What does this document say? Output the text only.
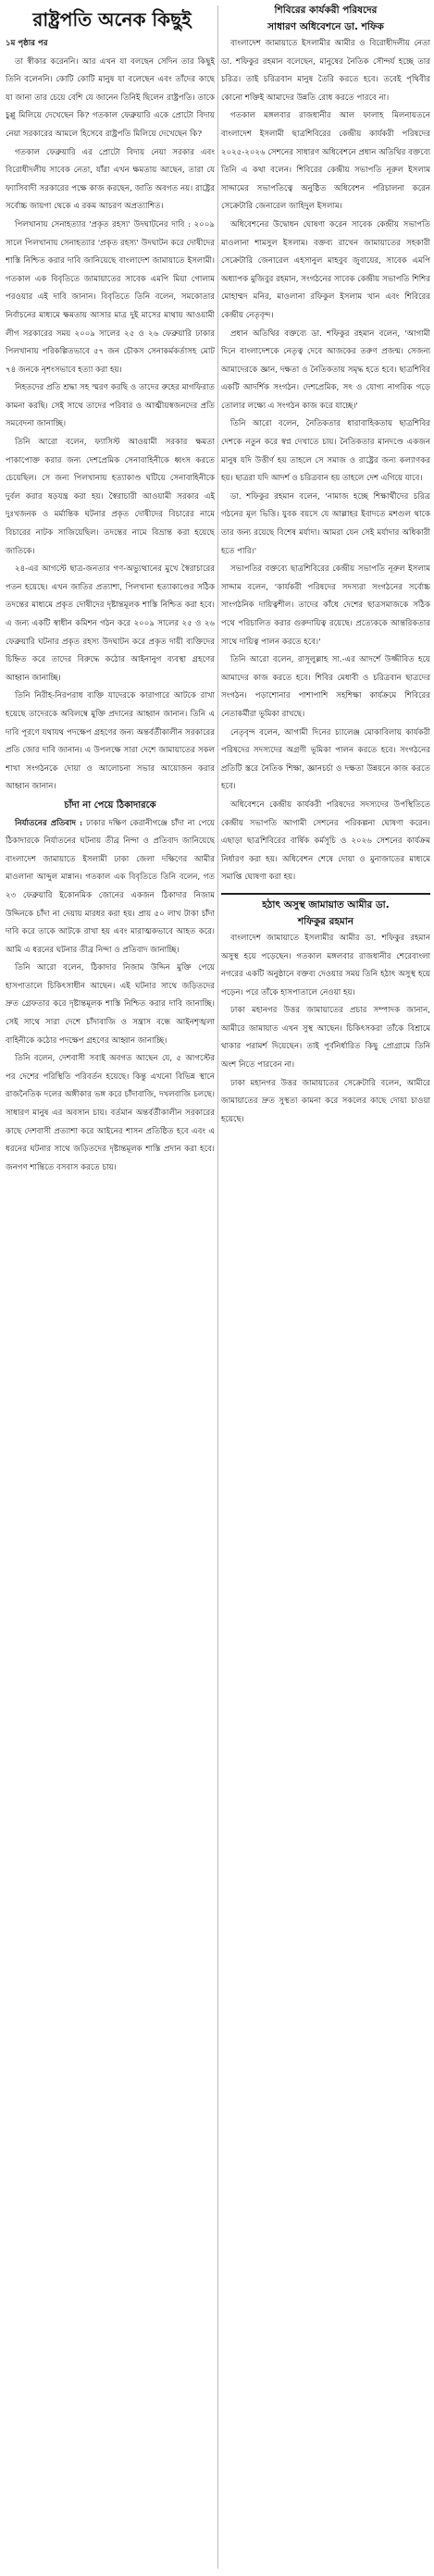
রাষ্ট্রপতি অনেক কিছুই

১ম পৃষ্ঠার পর

তা স্বীকার করেননি। আর এখন যা বলছেন সেদিন তার কিছুই তিনি বলেননি। কোটি কোটি মানুষ যা বলেছেন এবং তাঁদের কাছে যা জানা তার চেয়ে বেশি যে জানেন তিনিই ছিলেন রাষ্ট্রপতি। তাকে চুপ্পু মিলিয়ে দেখেছেন কি? গতকাল ফেব্রুয়ারি একে প্রোটো বিদায় নেয়া সরকারের আমলে হিসেবে রাষ্ট্রপতি মিলিয়ে দেখেছেন কি?

গতকাল ফেব্রুয়ারি এর প্রোটো বিদায় নেয়া সরকার এবং বিরোধীদলীয় সাবেক নেতা, যাঁরা এখন ক্ষমতায় আছেন, তারা যে ফ্যাসিবাদী সরকারের পক্ষে কাজ করছেন, জাতি অবগত নয়। রাষ্ট্রের সর্বোচ্চ জায়গা থেকে এ রকম আচরণ অপ্রত্যাশিত।

পিলখানায় সেনাহত্যার 'প্রকৃত রহস্য' উদঘাটনের দাবি : ২০০৯ সালে পিলখানায় সেনাহত্যার 'প্রকৃত রহস্য' উদঘাটন করে দোষীদের শাস্তি নিশ্চিত করার দাবি জানিয়েছে বাংলাদেশ জামায়াতে ইসলামী। গতকাল এক বিবৃতিতে জামায়াতের সাবেক এমপি মিয়া গোলাম পরওয়ার এই দাবি জানান। বিবৃতিতে তিনি বলেন, সমকোতার নির্বাচনের মাধ্যমে ক্ষমতায় আসার মাত্র দুই মাসের মাথায় আওয়ামী লীগ সরকারের সময় ২০০৯ সালের ২৫ ও ২৬ ফেব্রুয়ারি ঢাকার পিলখানায় পরিকল্পিতভাবে ৫৭ জন চৌকস সেনাকর্মকর্তাসহ মোট ৭৪ জনকে নৃশংসভাবে হত্যা করা হয়।

নিহতদের প্রতি শ্রদ্ধা সহ স্মরণ করছি ও তাদের রুহের মাগফিরাত কামনা করছি। সেই সাথে তাদের পরিবার ও আত্মীয়স্বজনদের প্রতি সমবেদনা জানাচ্ছি।

তিনি আরো বলেন, ফ্যাসিস্ট আওয়ামী সরকার ক্ষমতা পাকাপোক্ত করার জন্য দেশপ্রেমিক সেনাবাহিনীকে ধ্বংস করতে চেয়েছিল। সে জন্য পিলখানায় হত্যাকাণ্ড ঘটিয়ে সেনাবাহিনীকে দুর্বল করার ষড়যন্ত্র করা হয়। স্বৈরাচারী আওয়ামী সরকার এই দুঃখজনক ও মর্মান্তিক ঘটনার প্রকৃত দোষীদের বিচারের নামে বিচারের নাটক সাজিয়েছিল। তদন্তের নামে বিভ্রান্ত করা হয়েছে জাতিকে।

২৪-এর আগস্টে ছাত্র-জনতার গণ-অভ্যুত্থানের মুখে স্বৈরাচারের পতন হয়েছে। এখন জাতির প্রত্যাশা, পিলখানা হত্যাকাণ্ডের সঠিক তদন্তের মাধ্যমে প্রকৃত দোষীদের দৃষ্টান্তমূলক শাস্তি নিশ্চিত করা হবে। এ জন্য একটি স্বাধীন কমিশন গঠন করে ২০০৯ সালের ২৫ ও ২৬ ফেব্রুয়ারি ঘটনার প্রকৃত রহস্য উদঘাটন করে প্রকৃত দায়ী ব্যক্তিদের চিহ্নিত করে তাদের বিরুদ্ধে কঠোর আইনানুগ ব্যবস্থা গ্রহণের আহ্বান জানাচ্ছি।

তিনি নিরীহ-নিরপরাধ ব্যক্তি যাদেরকে কারাগারে আটকে রাখা হয়েছে তাদেরকে অবিলম্বে মুক্তি প্রদানের আহ্বান জানান। তিনি এ দাবি পূরণে যথাযথ পদক্ষেপ গ্রহণের জন্য অন্তর্বর্তীকালীন সরকারের প্রতি জোর দাবি জানান। এ উপলক্ষে সারা দেশে জামায়াতের সকল শাখা সংগঠনকে দোয়া ও আলোচনা সভার আয়োজন করার আহ্বান জানান।

চাঁদা না পেয়ে ঠিকাদারকে

নির্যাতনের প্রতিবাদ : ঢাকার দক্ষিণ কেরানীগঞ্জে চাঁদা না পেয়ে ঠিকাদারকে নির্যাতনের ঘটনায় তীব্র নিন্দা ও প্রতিবাদ জানিয়েছে বাংলাদেশ জামায়াতে ইসলামী ঢাকা জেলা দক্ষিণের আমীর মাওলানা আব্দুল মান্নান। গতকাল এক বিবৃতিতে তিনি বলেন, গত ২৩ ফেব্রুয়ারি ইকোনমিক জোনের একজন ঠিকাদার নিজাম উদ্দিনকে চাঁদা না দেয়ায় মারধর করা হয়। প্রায় ৫০ লাখ টাকা চাঁদা দাবি করে তাকে আটকে রাখা হয় এবং মারাত্মকভাবে আহত করে। আমি এ ধরনের ঘটনার তীব্র নিন্দা ও প্রতিবাদ জানাচ্ছি।

তিনি আরো বলেন, ঠিকাদার নিজাম উদ্দিন মুক্তি পেয়ে হাসপাতালে চিকিৎসাধীন আছেন। এই ঘটনার সাথে জড়িতদের দ্রুত গ্রেফতার করে দৃষ্টান্তমূলক শাস্তি নিশ্চিত করার দাবি জানাচ্ছি। সেই সাথে সারা দেশে চাঁদাবাজি ও সন্ত্রাস বন্ধে আইনশৃঙ্খলা বাহিনীকে কঠোর পদক্ষেপ গ্রহণের আহ্বান জানাচ্ছি।

তিনি বলেন, দেশবাসী সবাই অবগত আছেন যে, ৫ আগস্টের পর দেশের পরিস্থিতি পরিবর্তন হয়েছে। কিন্তু এখনো বিভিন্ন স্থানে রাজনৈতিক দলের অঙ্গীকার ভঙ্গ করে চাঁদাবাজি, দখলবাজি চলছে। সাধারণ মানুষ এর অবসান চায়। বর্তমান অন্তর্বর্তীকালীন সরকারের কাছে দেশবাসী প্রত্যাশা করে আইনের শাসন প্রতিষ্ঠিত হবে এবং এ ধরনের ঘটনার সাথে জড়িতদের দৃষ্টান্তমূলক শাস্তি প্রদান করা হবে। জনগণ শান্তিতে বসবাস করতে চায়।

শিবিরের কার্যকরী পরিষদের

সাধারণ অধিবেশনে ডা. শফিক

বাংলাদেশ জামায়াতে ইসলামীর আমীর ও বিরোধীদলীয় নেতা ডা. শফিকুর রহমান বলেছেন, মানুষের নৈতিক সৌন্দর্য হচ্ছে তার চরিত্র। তাই চরিত্রবান মানুষ তৈরি করতে হবে। তবেই পৃথিবীর কোনো শক্তিই আমাদের উন্নতি রোধ করতে পারবে না।

গতকাল মঙ্গলবার রাজধানীর আল ফালাহ মিলনায়তনে বাংলাদেশ ইসলামী ছাত্রশিবিরের কেন্দ্রীয় কার্যকরী পরিষদের ২০২৫-২০২৬ সেশনের সাধারণ অধিবেশনে প্রধান অতিথির বক্তব্যে তিনি এ কথা বলেন। শিবিরের কেন্দ্রীয় সভাপতি নূরুল ইসলাম সাদ্দামের সভাপতিত্বে অনুষ্ঠিত অধিবেশন পরিচালনা করেন সেক্রেটারি জেনারেল জাহিদুল ইসলাম।

অধিবেশনের উদ্বোধন ঘোষণা করেন সাবেক কেন্দ্রীয় সভাপতি মাওলানা শামসুল ইসলাম। বক্তব্য রাখেন জামায়াতের সহকারী সেক্রেটারি জেনারেল এহসানুল মাহবুব জুবায়ের, সাবেক এমপি অধ্যাপক মুজিবুর রহমান, সংগঠনের সাবেক কেন্দ্রীয় সভাপতি শিশির মোহাম্মদ মনির, মাওলানা রফিকুল ইসলাম খান এবং শিবিরের কেন্দ্রীয় নেতৃবৃন্দ।

প্রধান অতিথির বক্তব্যে ডা. শফিকুর রহমান বলেন, 'আগামী দিনে বাংলাদেশকে নেতৃত্ব দেবে আজকের তরুণ প্রজন্ম। সেজন্য আমাদেরকে জ্ঞান, দক্ষতা ও নৈতিকতায় সমৃদ্ধ হতে হবে। ছাত্রশিবির একটি আদর্শিক সংগঠন। দেশপ্রেমিক, সৎ ও যোগ্য নাগরিক গড়ে তোলার লক্ষ্যে এ সংগঠন কাজ করে যাচ্ছে।'

তিনি আরো বলেন, নৈতিকতার ধারাবাহিকতায় ছাত্রশিবির দেশকে নতুন করে স্বপ্ন দেখাতে চায়। নৈতিকতার মানদণ্ডে একজন মানুষ যদি উত্তীর্ণ হয় তাহলে সে সমাজ ও রাষ্ট্রের জন্য কল্যাণকর হয়। ছাত্ররা যদি আদর্শ ও চরিত্রবান হয় তাহলে দেশ এগিয়ে যাবে।

ডা. শফিকুর রহমান বলেন, 'নামাজ হচ্ছে শিক্ষার্থীদের চরিত্র গঠনের মূল ভিত্তি। যুবক বয়সে যে আল্লাহর ইবাদতে মশগুল থাকে তার জন্য রয়েছে বিশেষ মর্যাদা। আমরা যেন সেই মর্যাদার অধিকারী হতে পারি।'

সভাপতির বক্তব্যে ছাত্রশিবিরের কেন্দ্রীয় সভাপতি নূরুল ইসলাম সাদ্দাম বলেন, 'কার্যকরী পরিষদের সদস্যরা সংগঠনের সর্বোচ্চ সাংগঠনিক দায়িত্বশীল। তাদের কাঁধে দেশের ছাত্রসমাজকে সঠিক পথে পরিচালিত করার গুরুদায়িত্ব রয়েছে। প্রত্যেককে আন্তরিকতার সাথে দায়িত্ব পালন করতে হবে।'

তিনি আরো বলেন, রাসূলুল্লাহ সা.-এর আদর্শে উজ্জীবিত হয়ে আমাদের কাজ করতে হবে। শিবির মেধাবী ও চরিত্রবান ছাত্রদের সংগঠন। পড়াশোনার পাশাপাশি সহশিক্ষা কার্যক্রমে শিবিরের নেতাকর্মীরা ভূমিকা রাখছে।

নেতৃবৃন্দ বলেন, আগামী দিনের চ্যালেঞ্জ মোকাবিলায় কার্যকরী পরিষদের সদস্যদের অগ্রণী ভূমিকা পালন করতে হবে। সংগঠনের প্রতিটি স্তরে নৈতিক শিক্ষা, জ্ঞানচর্চা ও দক্ষতা উন্নয়নে কাজ করতে হবে।

অধিবেশনে কেন্দ্রীয় কার্যকরী পরিষদের সদস্যদের উপস্থিতিতে কেন্দ্রীয় সভাপতি আগামী সেশনের পরিকল্পনা ঘোষণা করেন। এছাড়া ছাত্রশিবিরের বার্ষিক কর্মসূচি ও ২০২৬ সেশনের কার্যক্রম নির্ধারণ করা হয়। অধিবেশন শেষে দোয়া ও মুনাজাতের মাধ্যমে সমাপ্তি ঘোষণা করা হয়।

হঠাৎ অসুস্থ জামায়াত আমীর ডা.

শফিকুর রহমান

বাংলাদেশ জামায়াতে ইসলামীর আমীর ডা. শফিকুর রহমান অসুস্থ হয়ে পড়েছেন। গতকাল মঙ্গলবার রাজধানীর শেরেবাংলা নগরের একটি অনুষ্ঠানে বক্তব্য দেওয়ার সময় তিনি হঠাৎ অসুস্থ হয়ে পড়েন। পরে তাঁকে হাসপাতালে নেওয়া হয়।

ঢাকা মহানগর উত্তর জামায়াতের প্রচার সম্পাদক জানান, আমীরে জামায়াত এখন সুস্থ আছেন। চিকিৎসকরা তাঁকে বিশ্রামে থাকার পরামর্শ দিয়েছেন। তাই পূর্বনির্ধারিত কিছু প্রোগ্রামে তিনি অংশ নিতে পারবেন না।

ঢাকা মহানগর উত্তর জামায়াতের সেক্রেটারি বলেন, আমীরে জামায়াতের দ্রুত সুস্থতা কামনা করে সকলের কাছে দোয়া চাওয়া হয়েছে।
